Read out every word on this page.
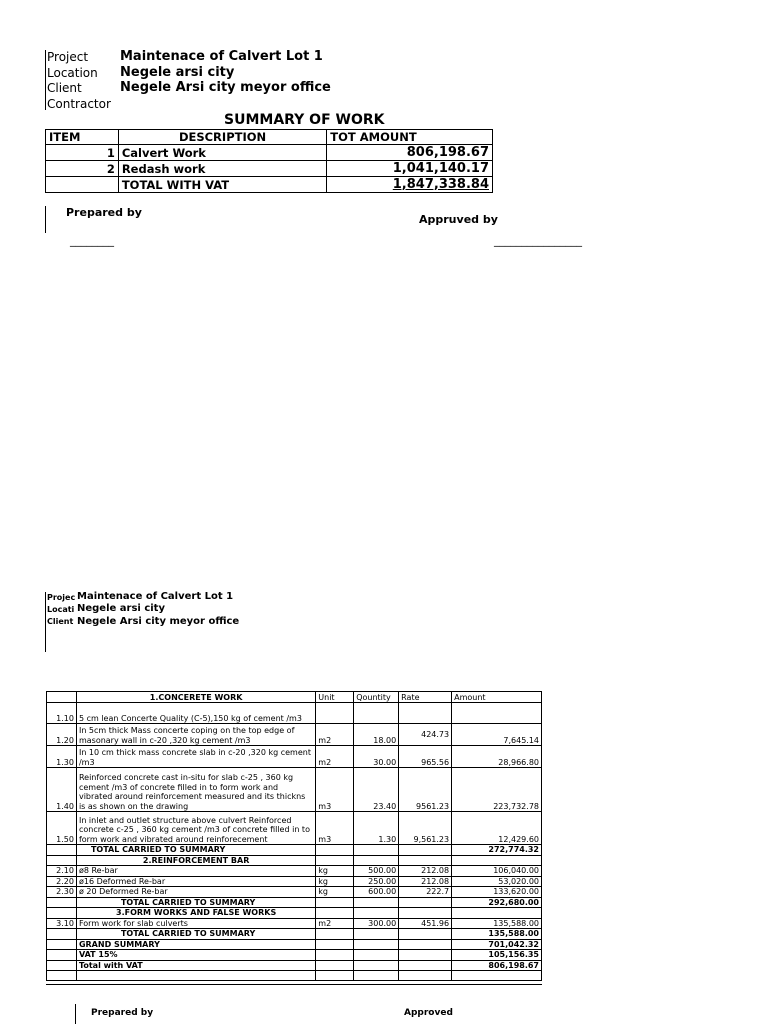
Project Maintenace of Calvert Lot 1
Location Negele arsi city
Client	Negele Arsi city meyor office
Contractor
SUMMARY OF WORK
ITEM	DESCRIPTION	TOT AMOUNT
1	Calvert Work	806,198.67
2	Redash work	1,041,140.17
	TOTAL WITH VAT	1,847,338.84
Prepared by
Appruved by
________	________________
Projec Maintenace of Calvert Lot 1
Locati Negele arsi city
Client Negele Arsi city meyor office
	1.CONCERETE WORK	Unit	Qountity	Rate	Amount
1.10	5 cm lean Concerte Quality (C-5),150 kg of cement /m3				
1.20	In 5cm thick Mass concerte coping on the top edge of masonary wall in c-20 ,320 kg cement /m3	m2	18.00	424.73	7,645.14
1.30	In 10 cm thick mass concrete slab in c-20 ,320 kg cement /m3	m2	30.00	965.56	28,966.80
1.40	Reinforced concrete cast in-situ for slab c-25 , 360 kg cement /m3 of concrete filled in to form work and vibrated around reinforcement measured and its thickns is as shown on the drawing	m3	23.40	9561.23	223,732.78
1.50	In inlet and outlet structure above culvert Reinforced concrete c-25 , 360 kg cement /m3 of concrete filled in to form work and vibrated around reinforecement	m3	1.30	9,561.23	12,429.60
	TOTAL CARRIED TO SUMMARY				272,774.32
	2.REINFORCEMENT BAR				
2.10	ø8 Re-bar	kg	500.00	212.08	106,040.00
2.20	ø16 Deformed Re-bar	kg	250.00	212.08	53,020.00
2.30	ø 20 Deformed Re-bar	kg	600.00	222.7	133,620.00
	TOTAL CARRIED TO SUMMARY				292,680.00
	3.FORM WORKS AND FALSE WORKS				
3.10	Form work for slab culverts	m2	300.00	451.96	135,588.00
	TOTAL CARRIED TO SUMMARY				135,588.00
	GRAND SUMMARY				701,042.32
	VAT 15%				105,156.35
	Total with VAT				806,198.67

Prepared by	Approved
